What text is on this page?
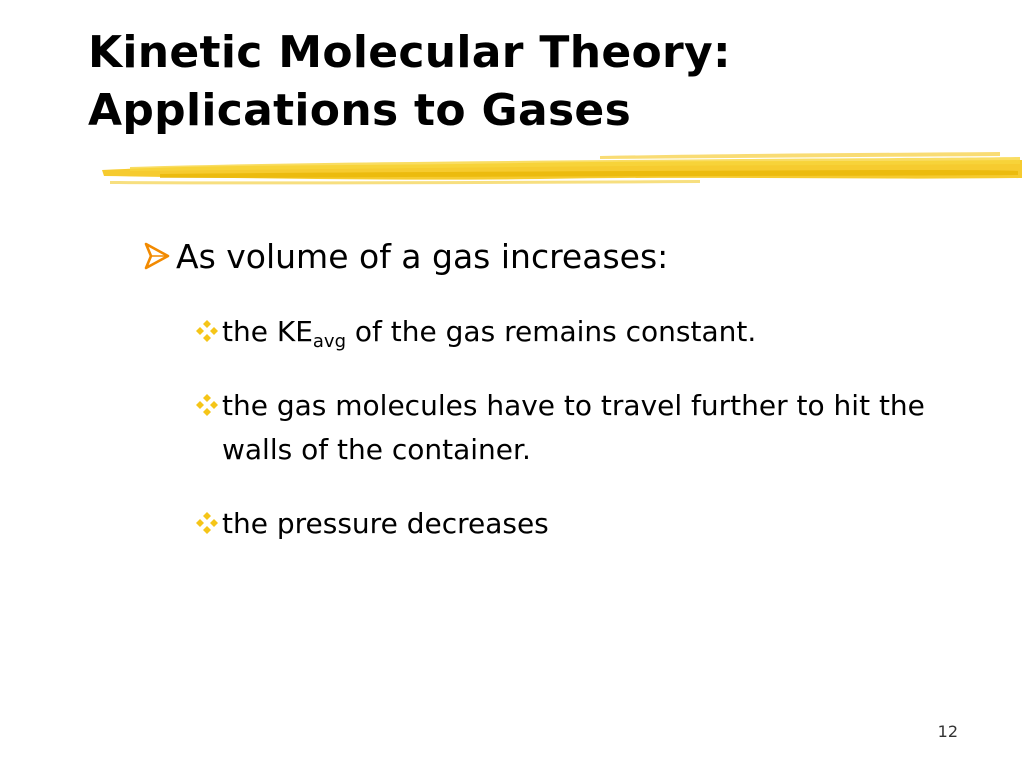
Kinetic Molecular Theory:
Applications to Gases
As volume of a gas increases:
the $KE_{avg}$ of the gas remains constant.
the gas molecules have to travel further to hit the walls of the container.
the pressure decreases
12
